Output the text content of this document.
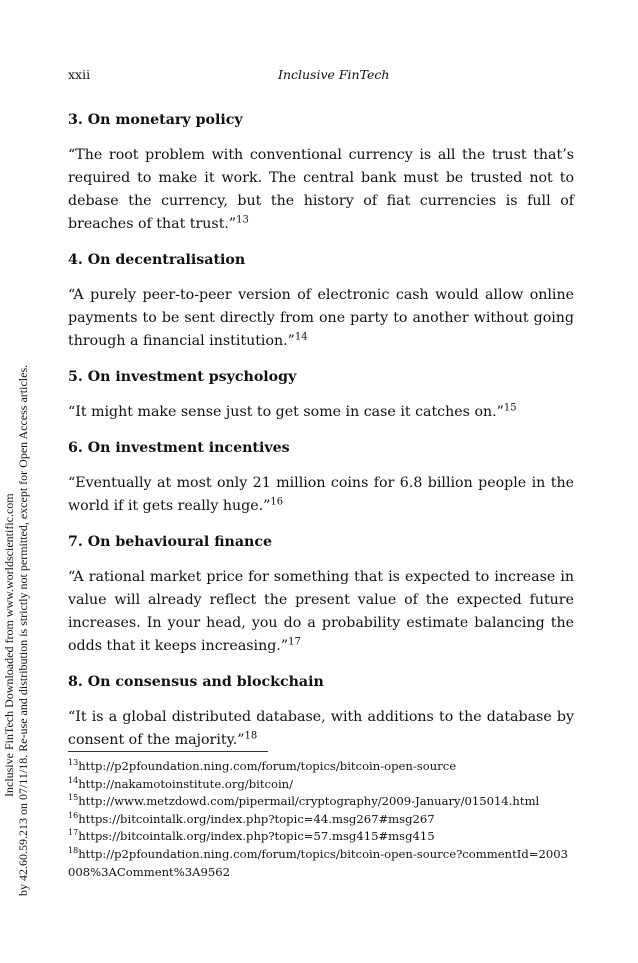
Inclusive FinTech Downloaded from www.worldscientific.com by 42.60.59.213 on 07/11/18. Re-use and distribution is strictly not permitted, except for Open Access articles.
xxii	Inclusive FinTech
3. On monetary policy

“The root problem with conventional currency is all the trust that’s required to make it work. The central bank must be trusted not to debase the currency, but the history of fiat currencies is full of breaches of that trust.”$^{13}$

4. On decentralisation

“A purely peer-to-peer version of electronic cash would allow online payments to be sent directly from one party to another without going through a financial institution.”$^{14}$

5. On investment psychology

“It might make sense just to get some in case it catches on.”$^{15}$

6. On investment incentives

“Eventually at most only 21 million coins for 6.8 billion people in the world if it gets really huge.”$^{16}$

7. On behavioural finance

“A rational market price for something that is expected to increase in value will already reflect the present value of the expected future increases. In your head, you do a probability estimate balancing the odds that it keeps increasing.”$^{17}$

8. On consensus and blockchain

“It is a global distributed database, with additions to the database by consent of the majority.”$^{18}$

$^{13}$http://p2pfoundation.ning.com/forum/topics/bitcoin-open-source

$^{14}$http://nakamotoinstitute.org/bitcoin/

$^{15}$http://www.metzdowd.com/pipermail/cryptography/2009-January/015014.html

$^{16}$https://bitcointalk.org/index.php?topic=44.msg267#msg267

$^{17}$https://bitcointalk.org/index.php?topic=57.msg415#msg415

$^{18}$http://p2pfoundation.ning.com/forum/topics/bitcoin-open-source?commentId=2003008%3AComment%3A9562
